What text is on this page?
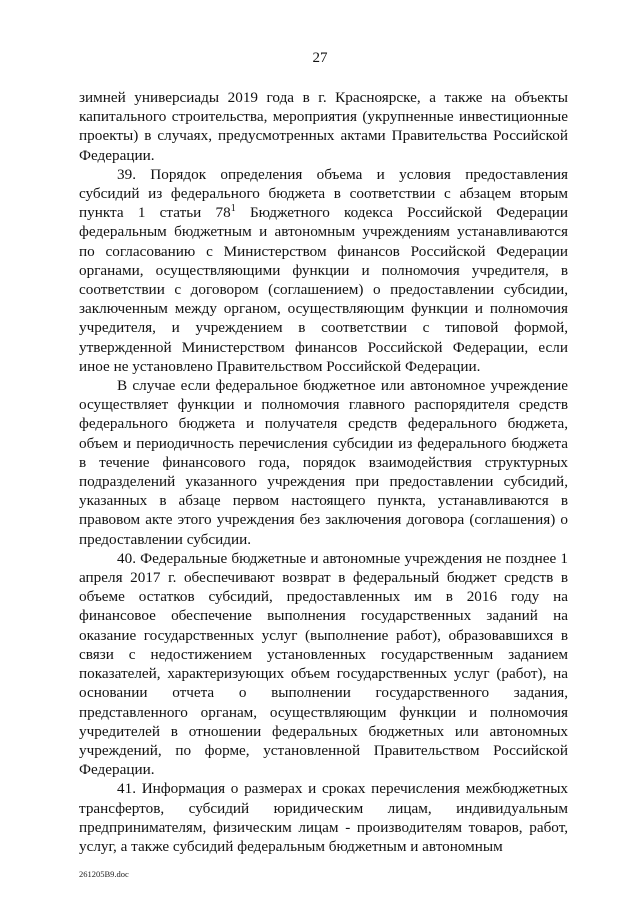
27

зимней универсиады 2019 года в г. Красноярске, а также на объекты капитального строительства, мероприятия (укрупненные инвестиционные проекты) в случаях, предусмотренных актами Правительства Российской Федерации.

39. Порядок определения объема и условия предоставления субсидий из федерального бюджета в соответствии с абзацем вторым пункта 1 статьи $78^1$ Бюджетного кодекса Российской Федерации федеральным бюджетным и автономным учреждениям устанавливаются по согласованию с Министерством финансов Российской Федерации органами, осуществляющими функции и полномочия учредителя, в соответствии с договором (соглашением) о предоставлении субсидии, заключенным между органом, осуществляющим функции и полномочия учредителя, и учреждением в соответствии с типовой формой, утвержденной Министерством финансов Российской Федерации, если иное не установлено Правительством Российской Федерации.

В случае если федеральное бюджетное или автономное учреждение осуществляет функции и полномочия главного распорядителя средств федерального бюджета и получателя средств федерального бюджета, объем и периодичность перечисления субсидии из федерального бюджета в течение финансового года, порядок взаимодействия структурных подразделений указанного учреждения при предоставлении субсидий, указанных в абзаце первом настоящего пункта, устанавливаются в правовом акте этого учреждения без заключения договора (соглашения) о предоставлении субсидии.

40. Федеральные бюджетные и автономные учреждения не позднее 1 апреля 2017 г. обеспечивают возврат в федеральный бюджет средств в объеме остатков субсидий, предоставленных им в 2016 году на финансовое обеспечение выполнения государственных заданий на оказание государственных услуг (выполнение работ), образовавшихся в связи с недостижением установленных государственным заданием показателей, характеризующих объем государственных услуг (работ), на основании отчета о выполнении государственного задания, представленного органам, осуществляющим функции и полномочия учредителей в отношении федеральных бюджетных или автономных учреждений, по форме, установленной Правительством Российской Федерации.

41. Информация о размерах и сроках перечисления межбюджетных трансфертов, субсидий юридическим лицам, индивидуальным предпринимателям, физическим лицам - производителям товаров, работ, услуг, а также субсидий федеральным бюджетным и автономным

261205B9.doc
